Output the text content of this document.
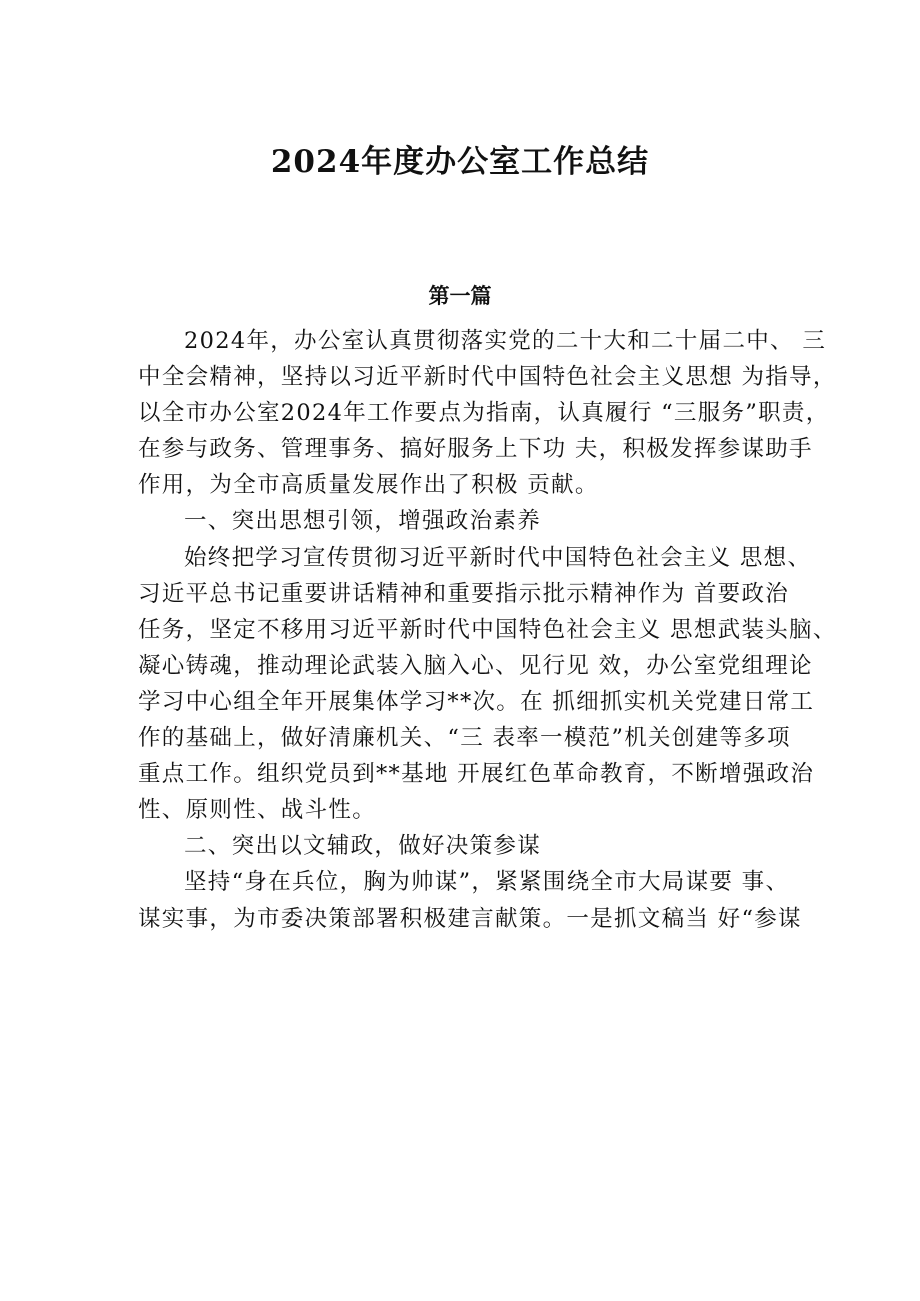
2024年度办公室工作总结
第一篇
2024年，办公室认真贯彻落实党的二十大和二十届二中、 三
中全会精神，坚持以习近平新时代中国特色社会主义思想 为指导，
以全市办公室2024年工作要点为指南，认真履行 “三服务”职责，
在参与政务、管理事务、搞好服务上下功 夫，积极发挥参谋助手
作用，为全市高质量发展作出了积极 贡献。
一、突出思想引领，增强政治素养
始终把学习宣传贯彻习近平新时代中国特色社会主义 思想、
习近平总书记重要讲话精神和重要指示批示精神作为 首要政治
任务，坚定不移用习近平新时代中国特色社会主义 思想武装头脑、
凝心铸魂，推动理论武装入脑入心、见行见 效，办公室党组理论
学习中心组全年开展集体学习**次。在 抓细抓实机关党建日常工
作的基础上，做好清廉机关、“三 表率一模范”机关创建等多项
重点工作。组织党员到**基地 开展红色革命教育，不断增强政治
性、原则性、战斗性。
二、突出以文辅政，做好决策参谋
坚持“身在兵位，胸为帅谋”，紧紧围绕全市大局谋要 事、
谋实事，为市委决策部署积极建言献策。一是抓文稿当 好“参谋
